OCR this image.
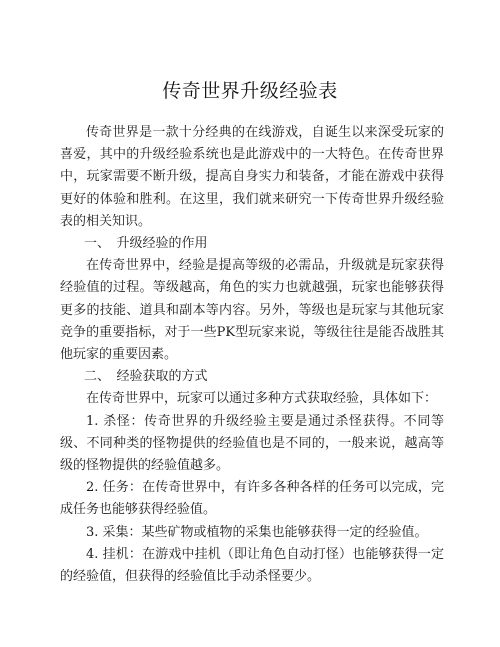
传奇世界升级经验表

传奇世界是一款十分经典的在线游戏，自诞生以来深受玩家的喜爱，其中的升级经验系统也是此游戏中的一大特色。在传奇世界中，玩家需要不断升级，提高自身实力和装备，才能在游戏中获得更好的体验和胜利。在这里，我们就来研究一下传奇世界升级经验表的相关知识。

一、　升级经验的作用

在传奇世界中，经验是提高等级的必需品，升级就是玩家获得经验值的过程。等级越高，角色的实力也就越强，玩家也能够获得更多的技能、道具和副本等内容。另外，等级也是玩家与其他玩家竞争的重要指标，对于一些PK型玩家来说，等级往往是能否战胜其他玩家的重要因素。

二、　经验获取的方式

在传奇世界中，玩家可以通过多种方式获取经验，具体如下：

1. 杀怪：传奇世界的升级经验主要是通过杀怪获得。不同等级、不同种类的怪物提供的经验值也是不同的，一般来说，越高等级的怪物提供的经验值越多。

2. 任务：在传奇世界中，有许多各种各样的任务可以完成，完成任务也能够获得经验值。

3. 采集：某些矿物或植物的采集也能够获得一定的经验值。

4. 挂机：在游戏中挂机（即让角色自动打怪）也能够获得一定的经验值，但获得的经验值比手动杀怪要少。
